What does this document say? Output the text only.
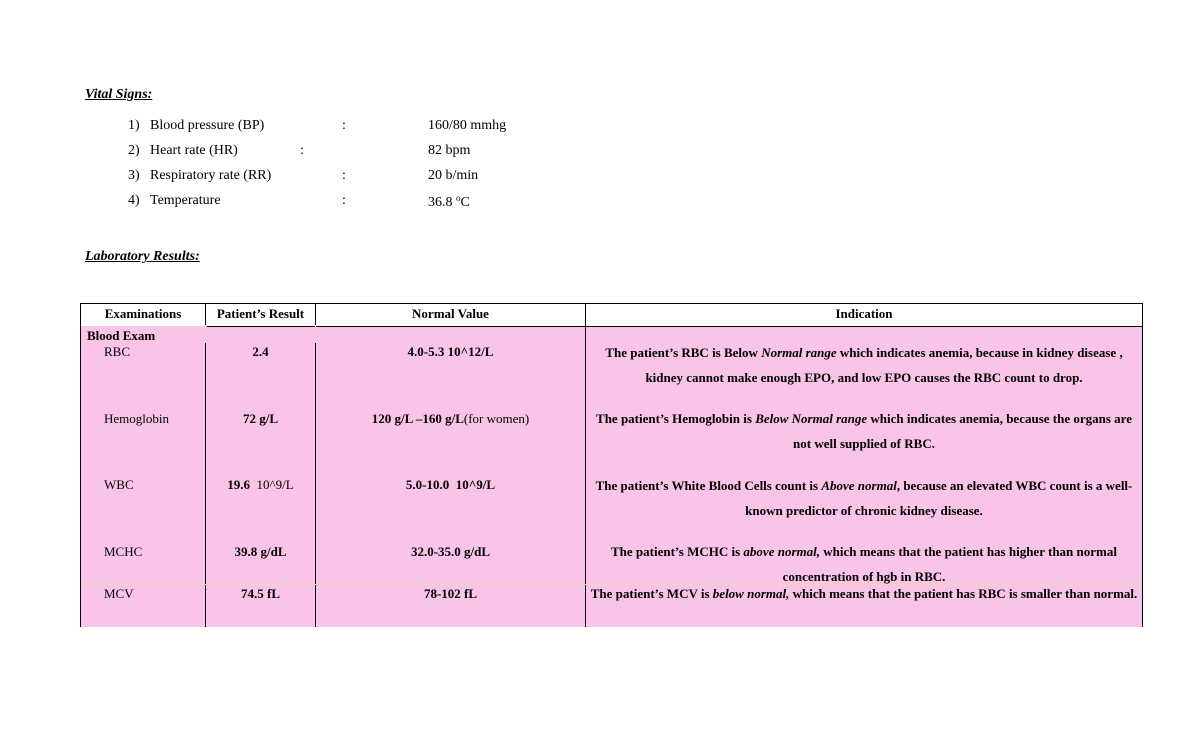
Vital Signs:
1) Blood pressure (BP)	:	160/80 mmhg
2) Heart rate (HR)	:	82 bpm
3) Respiratory rate (RR)	:	20 b/min
4) Temperature	:	36.8 $^o$C
Laboratory Results:
Examinations	Patient’s Result	Normal Value	Indication
Blood Exam
RBC	2.4	4.0-5.3 10^12/L	The patient’s RBC is Below Normal range which indicates anemia, because in kidney disease , kidney cannot make enough EPO, and low EPO causes the RBC count to drop.
Hemoglobin	72 g/L	120 g/L –160 g/L(for women)	The patient’s Hemoglobin is Below Normal range which indicates anemia, because the organs are not well supplied of RBC.
WBC	19.6  10^9/L	5.0-10.0  10^9/L	The patient’s White Blood Cells count is Above normal, because an elevated WBC count is a well-known predictor of chronic kidney disease.
MCHC	39.8 g/dL	32.0-35.0 g/dL	The patient’s MCHC is above normal, which means that the patient has higher than normal concentration of hgb in RBC.
MCV	74.5 fL	78-102 fL	The patient’s MCV is below normal, which means that the patient has RBC is smaller than normal.
